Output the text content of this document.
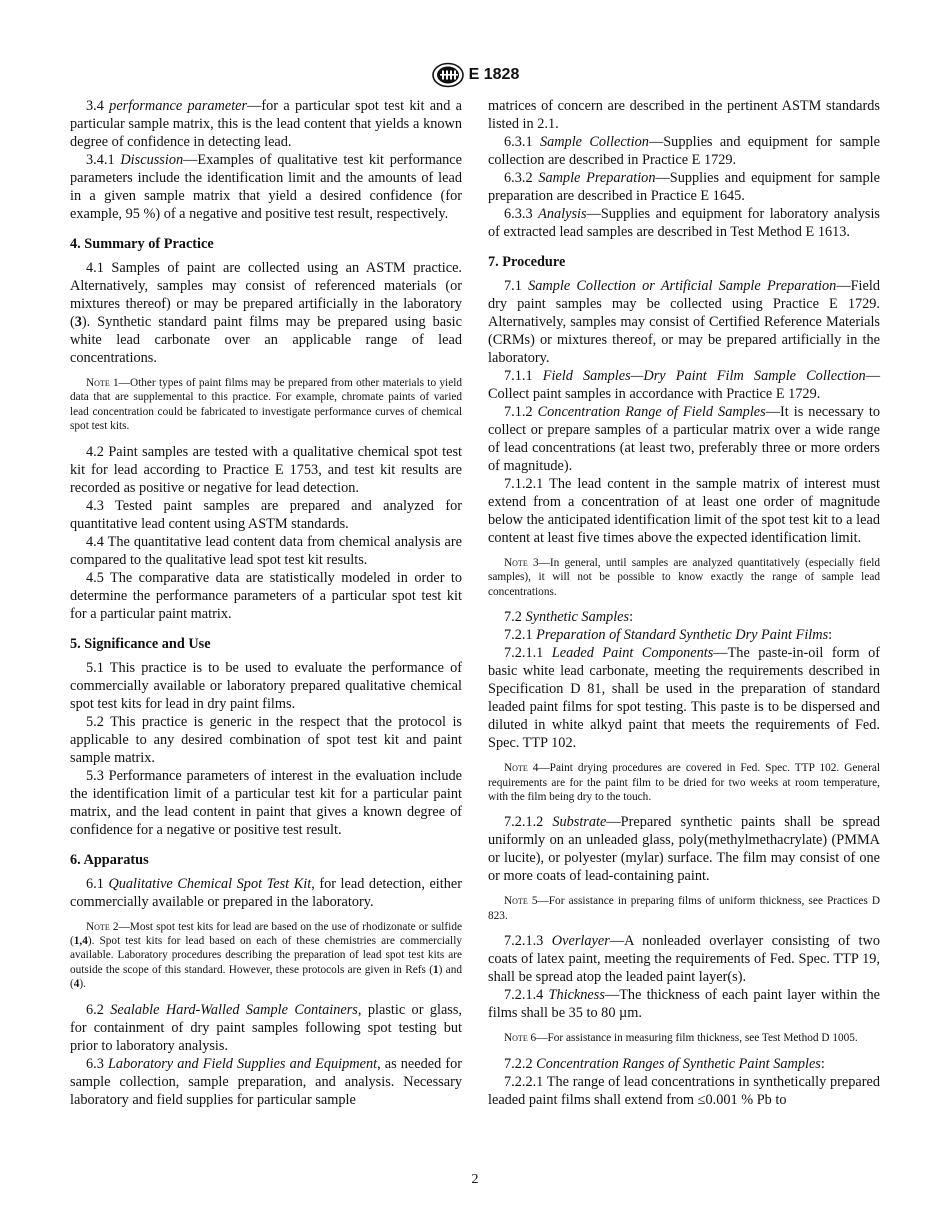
E 1828

3.4 performance parameter—for a particular spot test kit and a particular sample matrix, this is the lead content that yields a known degree of confidence in detecting lead.

3.4.1 Discussion—Examples of qualitative test kit performance parameters include the identification limit and the amounts of lead in a given sample matrix that yield a desired confidence (for example, 95 %) of a negative and positive test result, respectively.

4. Summary of Practice

4.1 Samples of paint are collected using an ASTM practice. Alternatively, samples may consist of referenced materials (or mixtures thereof) or may be prepared artificially in the laboratory (3). Synthetic standard paint films may be prepared using basic white lead carbonate over an applicable range of lead concentrations.

Note 1—Other types of paint films may be prepared from other materials to yield data that are supplemental to this practice. For example, chromate paints of varied lead concentration could be fabricated to investigate performance curves of chemical spot test kits.

4.2 Paint samples are tested with a qualitative chemical spot test kit for lead according to Practice E 1753, and test kit results are recorded as positive or negative for lead detection.

4.3 Tested paint samples are prepared and analyzed for quantitative lead content using ASTM standards.

4.4 The quantitative lead content data from chemical analysis are compared to the qualitative lead spot test kit results.

4.5 The comparative data are statistically modeled in order to determine the performance parameters of a particular spot test kit for a particular paint matrix.

5. Significance and Use

5.1 This practice is to be used to evaluate the performance of commercially available or laboratory prepared qualitative chemical spot test kits for lead in dry paint films.

5.2 This practice is generic in the respect that the protocol is applicable to any desired combination of spot test kit and paint sample matrix.

5.3 Performance parameters of interest in the evaluation include the identification limit of a particular test kit for a particular paint matrix, and the lead content in paint that gives a known degree of confidence for a negative or positive test result.

6. Apparatus

6.1 Qualitative Chemical Spot Test Kit, for lead detection, either commercially available or prepared in the laboratory.

Note 2—Most spot test kits for lead are based on the use of rhodizonate or sulfide (1,4). Spot test kits for lead based on each of these chemistries are commercially available. Laboratory procedures describing the preparation of lead spot test kits are outside the scope of this standard. However, these protocols are given in Refs (1) and (4).

6.2 Sealable Hard-Walled Sample Containers, plastic or glass, for containment of dry paint samples following spot testing but prior to laboratory analysis.

6.3 Laboratory and Field Supplies and Equipment, as needed for sample collection, sample preparation, and analysis. Necessary laboratory and field supplies for particular sample

matrices of concern are described in the pertinent ASTM standards listed in 2.1.

6.3.1 Sample Collection—Supplies and equipment for sample collection are described in Practice E 1729.

6.3.2 Sample Preparation—Supplies and equipment for sample preparation are described in Practice E 1645.

6.3.3 Analysis—Supplies and equipment for laboratory analysis of extracted lead samples are described in Test Method E 1613.

7. Procedure

7.1 Sample Collection or Artificial Sample Preparation—Field dry paint samples may be collected using Practice E 1729. Alternatively, samples may consist of Certified Reference Materials (CRMs) or mixtures thereof, or may be prepared artificially in the laboratory.

7.1.1 Field Samples—Dry Paint Film Sample Collection—Collect paint samples in accordance with Practice E 1729.

7.1.2 Concentration Range of Field Samples—It is necessary to collect or prepare samples of a particular matrix over a wide range of lead concentrations (at least two, preferably three or more orders of magnitude).

7.1.2.1 The lead content in the sample matrix of interest must extend from a concentration of at least one order of magnitude below the anticipated identification limit of the spot test kit to a lead content at least five times above the expected identification limit.

Note 3—In general, until samples are analyzed quantitatively (especially field samples), it will not be possible to know exactly the range of sample lead concentrations.

7.2 Synthetic Samples:

7.2.1 Preparation of Standard Synthetic Dry Paint Films:

7.2.1.1 Leaded Paint Components—The paste-in-oil form of basic white lead carbonate, meeting the requirements described in Specification D 81, shall be used in the preparation of standard leaded paint films for spot testing. This paste is to be dispersed and diluted in white alkyd paint that meets the requirements of Fed. Spec. TTP 102.

Note 4—Paint drying procedures are covered in Fed. Spec. TTP 102. General requirements are for the paint film to be dried for two weeks at room temperature, with the film being dry to the touch.

7.2.1.2 Substrate—Prepared synthetic paints shall be spread uniformly on an unleaded glass, poly(methylmethacrylate) (PMMA or lucite), or polyester (mylar) surface. The film may consist of one or more coats of lead-containing paint.

Note 5—For assistance in preparing films of uniform thickness, see Practices D 823.

7.2.1.3 Overlayer—A nonleaded overlayer consisting of two coats of latex paint, meeting the requirements of Fed. Spec. TTP 19, shall be spread atop the leaded paint layer(s).

7.2.1.4 Thickness—The thickness of each paint layer within the films shall be 35 to 80 µm.

Note 6—For assistance in measuring film thickness, see Test Method D 1005.

7.2.2 Concentration Ranges of Synthetic Paint Samples:

7.2.2.1 The range of lead concentrations in synthetically prepared leaded paint films shall extend from ≤0.001 % Pb to

2
